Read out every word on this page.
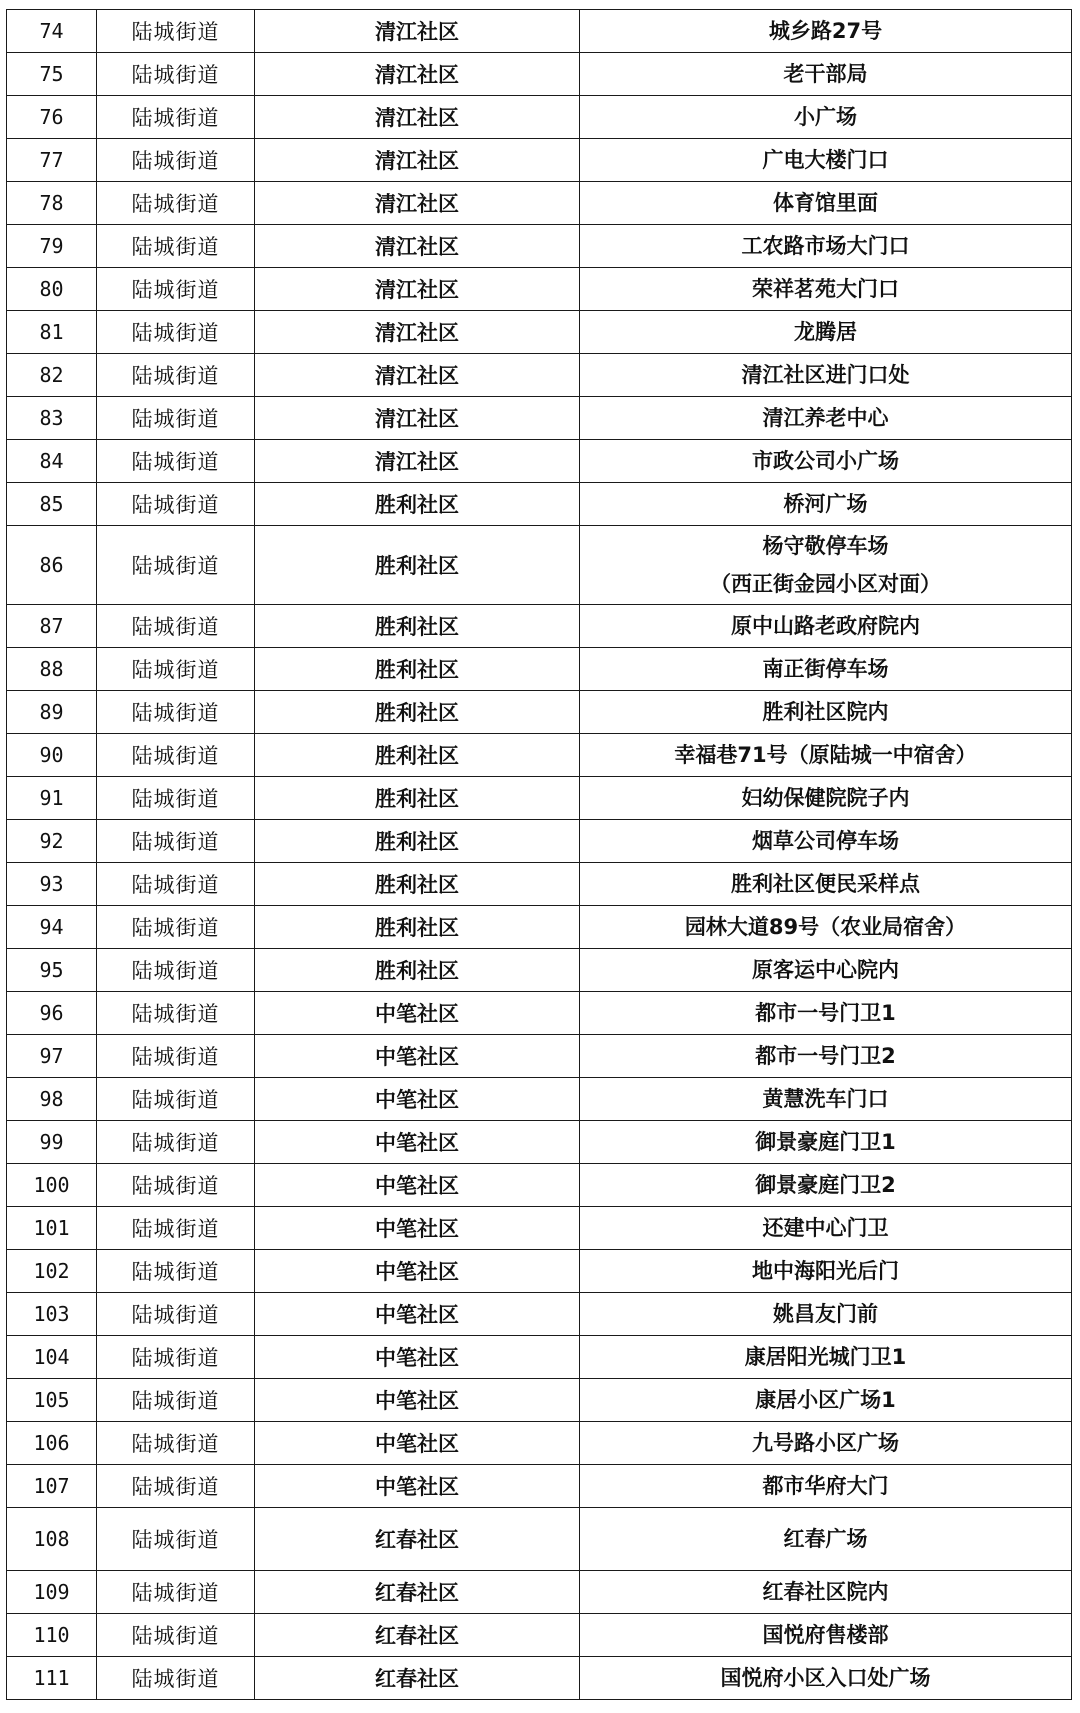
74	陆城街道	清江社区	城乡路27号
75	陆城街道	清江社区	老干部局
76	陆城街道	清江社区	小广场
77	陆城街道	清江社区	广电大楼门口
78	陆城街道	清江社区	体育馆里面
79	陆城街道	清江社区	工农路市场大门口
80	陆城街道	清江社区	荣祥茗苑大门口
81	陆城街道	清江社区	龙腾居
82	陆城街道	清江社区	清江社区进门口处
83	陆城街道	清江社区	清江养老中心
84	陆城街道	清江社区	市政公司小广场
85	陆城街道	胜利社区	桥河广场
86	陆城街道	胜利社区	杨守敬停车场
（西正街金园小区对面）
87	陆城街道	胜利社区	原中山路老政府院内
88	陆城街道	胜利社区	南正街停车场
89	陆城街道	胜利社区	胜利社区院内
90	陆城街道	胜利社区	幸福巷71号（原陆城一中宿舍）
91	陆城街道	胜利社区	妇幼保健院院子内
92	陆城街道	胜利社区	烟草公司停车场
93	陆城街道	胜利社区	胜利社区便民采样点
94	陆城街道	胜利社区	园林大道89号（农业局宿舍）
95	陆城街道	胜利社区	原客运中心院内
96	陆城街道	中笔社区	都市一号门卫1
97	陆城街道	中笔社区	都市一号门卫2
98	陆城街道	中笔社区	黄慧洗车门口
99	陆城街道	中笔社区	御景豪庭门卫1
100	陆城街道	中笔社区	御景豪庭门卫2
101	陆城街道	中笔社区	还建中心门卫
102	陆城街道	中笔社区	地中海阳光后门
103	陆城街道	中笔社区	姚昌友门前
104	陆城街道	中笔社区	康居阳光城门卫1
105	陆城街道	中笔社区	康居小区广场1
106	陆城街道	中笔社区	九号路小区广场
107	陆城街道	中笔社区	都市华府大门
108	陆城街道	红春社区	红春广场
109	陆城街道	红春社区	红春社区院内
110	陆城街道	红春社区	国悦府售楼部
111	陆城街道	红春社区	国悦府小区入口处广场
